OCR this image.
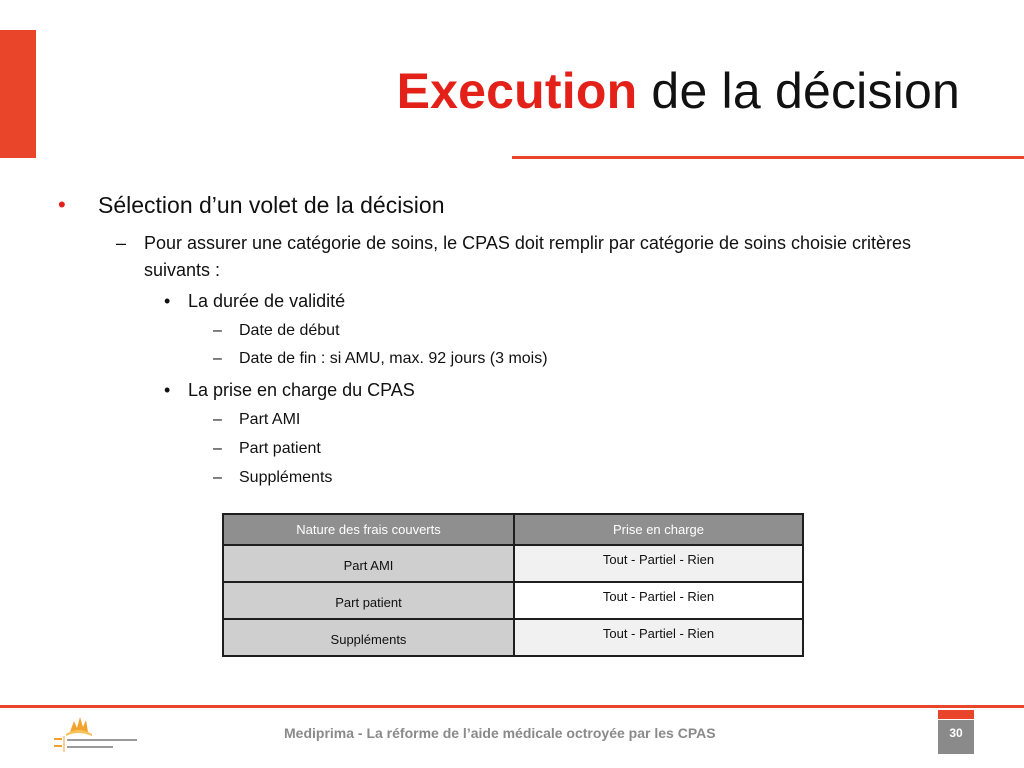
Execution de la décision
• Sélection d’un volet de la décision
– Pour assurer une catégorie de soins, le CPAS doit remplir par catégorie de soins choisie critères suivants :
• La durée de validité
– Date de début
– Date de fin : si AMU, max. 92 jours (3 mois)
• La prise en charge du CPAS
– Part AMI
– Part patient
– Suppléments
Nature des frais couverts	Prise en charge
Part AMI	Tout - Partiel - Rien
Part patient	Tout - Partiel - Rien
Suppléments	Tout - Partiel - Rien
Mediprima - La réforme de l’aide médicale octroyée par les CPAS	30
